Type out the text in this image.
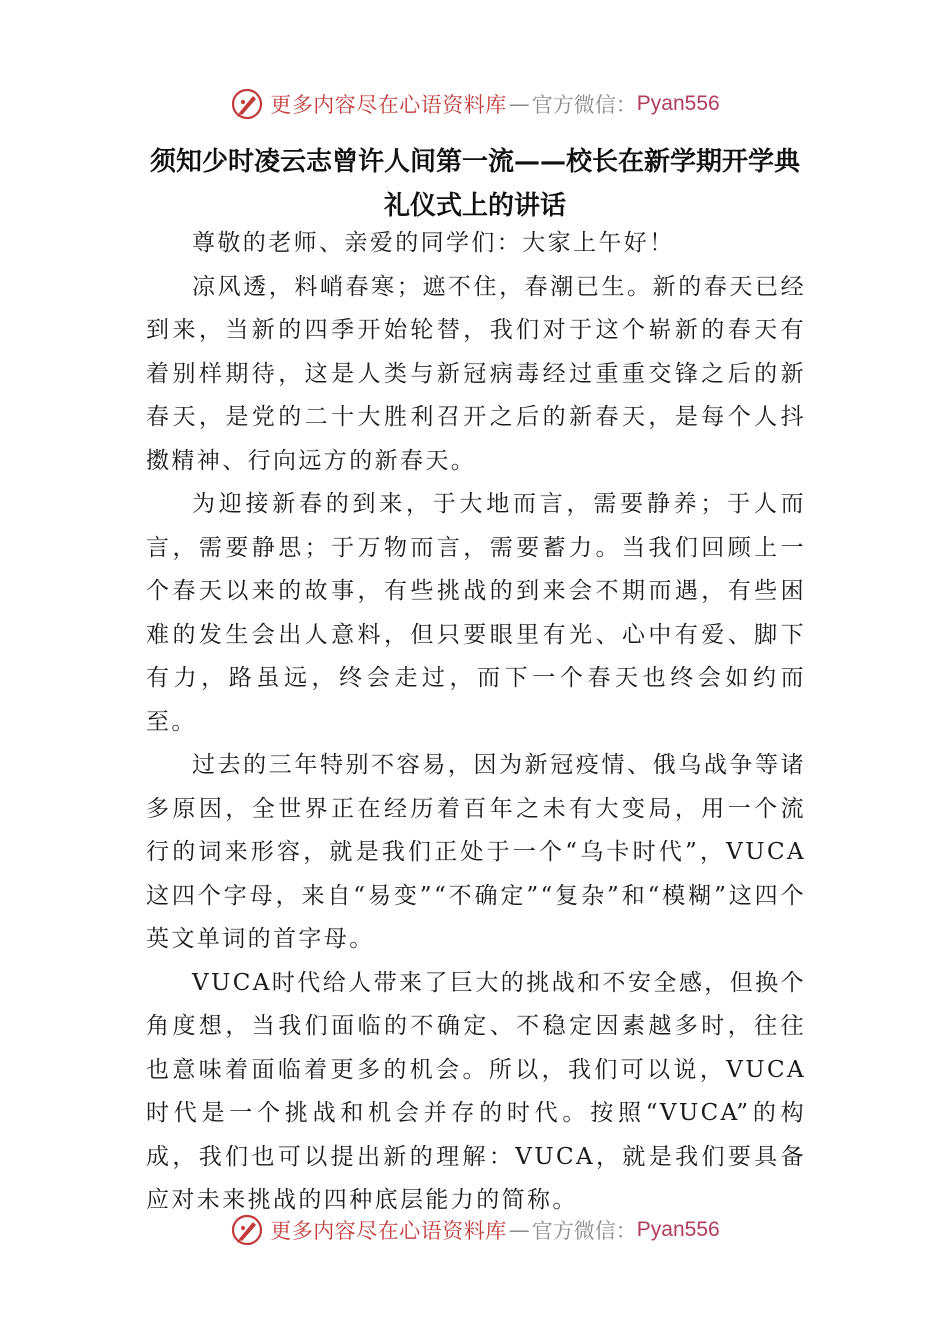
更多内容尽在心语资料库 — 官方微信： Pyan556
须知少时凌云志曾许人间第一流——校长在新学期开学典
礼仪式上的讲话

尊敬的老师、亲爱的同学们：大家上午好！

凉风透，料峭春寒；遮不住，春潮已生。新的春天已经到来，当新的四季开始轮替，我们对于这个崭新的春天有着别样期待，这是人类与新冠病毒经过重重交锋之后的新春天，是党的二十大胜利召开之后的新春天，是每个人抖擞精神、行向远方的新春天。

为迎接新春的到来，于大地而言，需要静养；于人而言，需要静思；于万物而言，需要蓄力。当我们回顾上一个春天以来的故事，有些挑战的到来会不期而遇，有些困难的发生会出人意料，但只要眼里有光、心中有爱、脚下有力，路虽远，终会走过，而下一个春天也终会如约而至。

过去的三年特别不容易，因为新冠疫情、俄乌战争等诸多原因，全世界正在经历着百年之未有大变局，用一个流行的词来形容，就是我们正处于一个“乌卡时代”，VUCA这四个字母，来自“易变”“不确定”“复杂”和“模糊”这四个英文单词的首字母。

VUCA时代给人带来了巨大的挑战和不安全感，但换个角度想，当我们面临的不确定、不稳定因素越多时，往往也意味着面临着更多的机会。所以，我们可以说，VUCA时代是一个挑战和机会并存的时代。按照“VUCA”的构成，我们也可以提出新的理解：VUCA，就是我们要具备应对未来挑战的四种底层能力的简称。

更多内容尽在心语资料库 — 官方微信： Pyan556
